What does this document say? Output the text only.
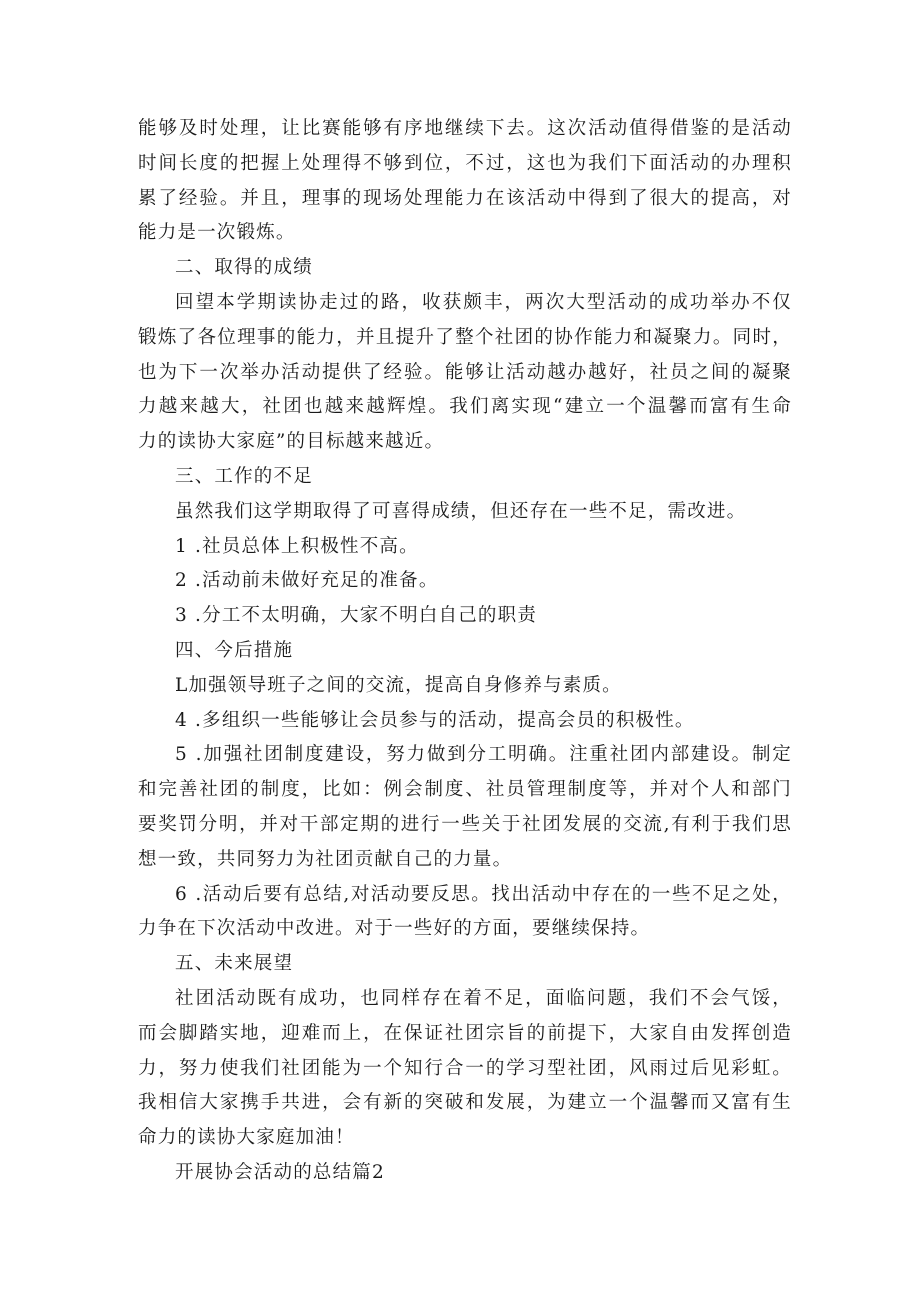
能够及时处理，让比赛能够有序地继续下去。这次活动值得借鉴的是活动
时间长度的把握上处理得不够到位，不过，这也为我们下面活动的办理积
累了经验。并且，理事的现场处理能力在该活动中得到了很大的提高，对
能力是一次锻炼。
二、取得的成绩
回望本学期读协走过的路，收获颇丰，两次大型活动的成功举办不仅
锻炼了各位理事的能力，并且提升了整个社团的协作能力和凝聚力。同时，
也为下一次举办活动提供了经验。能够让活动越办越好，社员之间的凝聚
力越来越大，社团也越来越辉煌。我们离实现“建立一个温馨而富有生命
力的读协大家庭”的目标越来越近。
三、工作的不足
虽然我们这学期取得了可喜得成绩，但还存在一些不足，需改进。
1 .社员总体上积极性不高。
2 .活动前未做好充足的准备。
3 .分工不太明确，大家不明白自己的职责
四、今后措施
L加强领导班子之间的交流，提高自身修养与素质。
4 .多组织一些能够让会员参与的活动，提高会员的积极性。
5 .加强社团制度建设，努力做到分工明确。注重社团内部建设。制定
和完善社团的制度，比如：例会制度、社员管理制度等，并对个人和部门
要奖罚分明，并对干部定期的进行一些关于社团发展的交流,有利于我们思
想一致，共同努力为社团贡献自己的力量。
6 .活动后要有总结,对活动要反思。找出活动中存在的一些不足之处，
力争在下次活动中改进。对于一些好的方面，要继续保持。
五、未来展望
社团活动既有成功，也同样存在着不足，面临问题，我们不会气馁，
而会脚踏实地，迎难而上，在保证社团宗旨的前提下，大家自由发挥创造
力，努力使我们社团能为一个知行合一的学习型社团，风雨过后见彩虹。
我相信大家携手共进，会有新的突破和发展，为建立一个温馨而又富有生
命力的读协大家庭加油！
开展协会活动的总结篇2
